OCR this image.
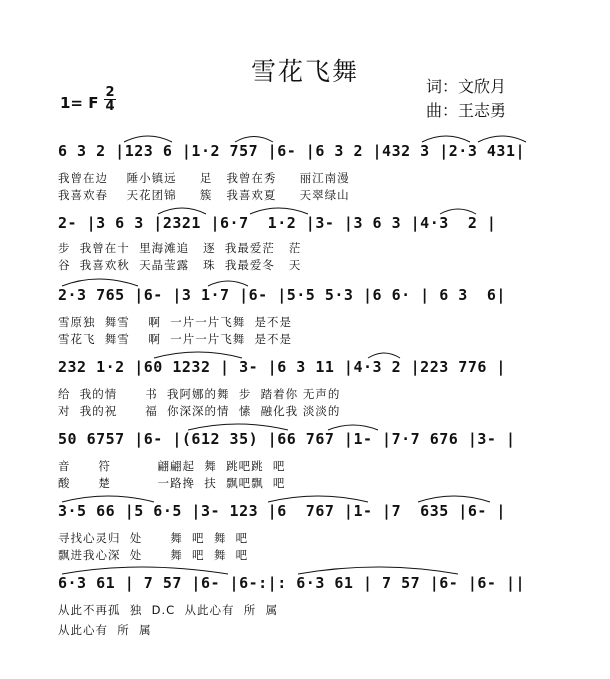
雪花飞舞
词：文欣月
曲：王志勇
1= F
2
4
6 3 2 |123 6 |1·2 757 |6- |6 3 2 |432 3 |2·3 431|
我曾在边    陲小镇远     足   我曾在秀     丽江南漫
我喜欢春    天花团锦     簇   我喜欢夏     天翠绿山
2- |3 6 3 |2321 |6·7  1·2 |3- |3 6 3 |4·3  2 |
步  我曾在十  里海滩追   逐  我最爱茫   茫
谷  我喜欢秋  天晶莹露   珠  我最爱冬   天
2·3 765 |6- |3 1·7 |6- |5·5 5·3 |6 6· | 6 3  6|
雪原独  舞雪    啊  一片一片飞舞  是不是
雪花飞  舞雪    啊  一片一片飞舞  是不是
232 1·2 |60 1232 | 3- |6 3 11 |4·3 2 |223 776 |
给  我的情      书  我阿娜的舞  步  踏着你 无声的
对  我的祝      福  你深深的情  愫  融化我 淡淡的
50 6757 |6- |(612 35) |66 767 |1- |7·7 676 |3- |
音      符          翩翩起  舞  跳吧跳  吧
酸      楚          一路搀  扶  飘吧飘  吧
3·5 66 |5 6·5 |3- 123 |6  767 |1- |7  635 |6- |
寻找心灵归  处      舞  吧  舞  吧
飘进我心深  处      舞  吧  舞  吧
6·3 61 | 7 57 |6- |6-:|: 6·3 61 | 7 57 |6- |6- ||
从此不再孤  独  D.C  从此心有  所  属
从此心有  所  属
